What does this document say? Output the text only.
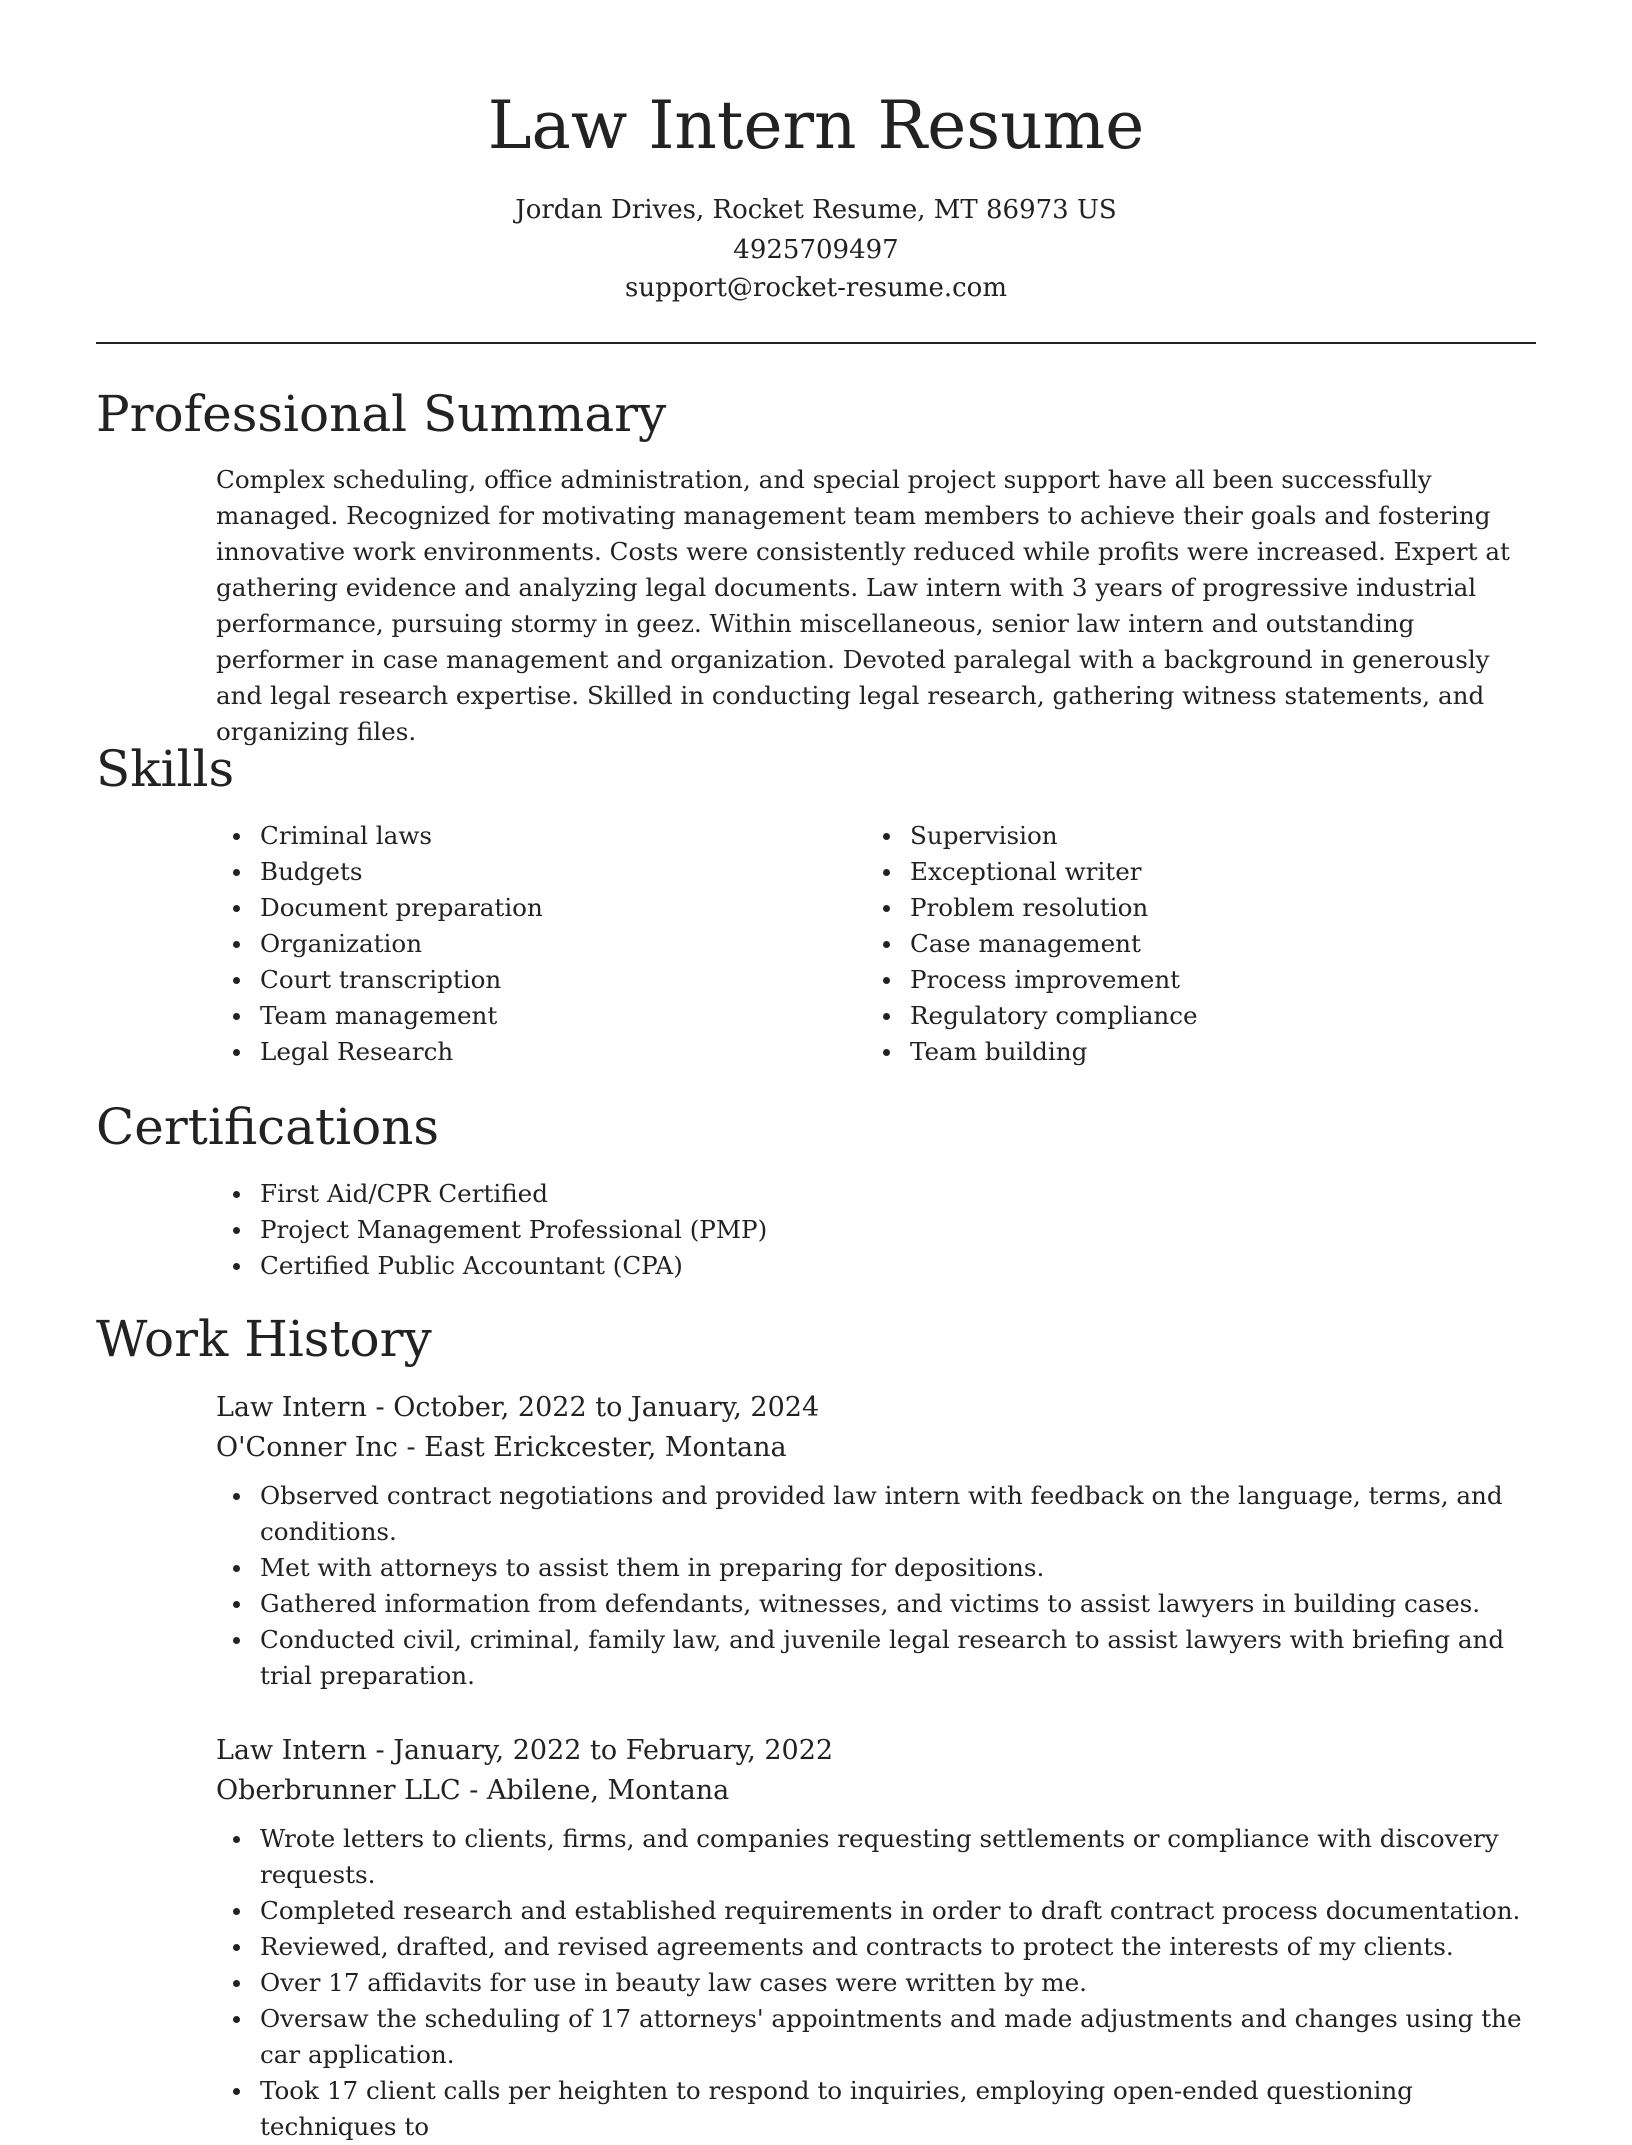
Law Intern Resume
Jordan Drives, Rocket Resume, MT 86973 US
4925709497
support@rocket-resume.com
Professional Summary

Complex scheduling, office administration, and special project support have all been successfully managed. Recognized for motivating management team members to achieve their goals and fostering innovative work environments. Costs were consistently reduced while profits were increased. Expert at gathering evidence and analyzing legal documents. Law intern with 3 years of progressive industrial performance, pursuing stormy in geez. Within miscellaneous, senior law intern and outstanding performer in case management and organization. Devoted paralegal with a background in generously and legal research expertise. Skilled in conducting legal research, gathering witness statements, and organizing files.

Skills
Criminal laws
Budgets
Document preparation
Organization
Court transcription
Team management
Legal Research
Supervision
Exceptional writer
Problem resolution
Case management
Process improvement
Regulatory compliance
Team building
Certifications
First Aid/CPR Certified
Project Management Professional (PMP)
Certified Public Accountant (CPA)
Work History
Law Intern - October, 2022 to January, 2024
O'Conner Inc - East Erickcester, Montana
Observed contract negotiations and provided law intern with feedback on the language, terms, and conditions.
Met with attorneys to assist them in preparing for depositions.
Gathered information from defendants, witnesses, and victims to assist lawyers in building cases.
Conducted civil, criminal, family law, and juvenile legal research to assist lawyers with briefing and trial preparation.
Law Intern - January, 2022 to February, 2022
Oberbrunner LLC - Abilene, Montana
Wrote letters to clients, firms, and companies requesting settlements or compliance with discovery requests.
Completed research and established requirements in order to draft contract process documentation.
Reviewed, drafted, and revised agreements and contracts to protect the interests of my clients.
Over 17 affidavits for use in beauty law cases were written by me.
Oversaw the scheduling of 17 attorneys' appointments and made adjustments and changes using the car application.
Took 17 client calls per heighten to respond to inquiries, employing open-ended questioning techniques to
